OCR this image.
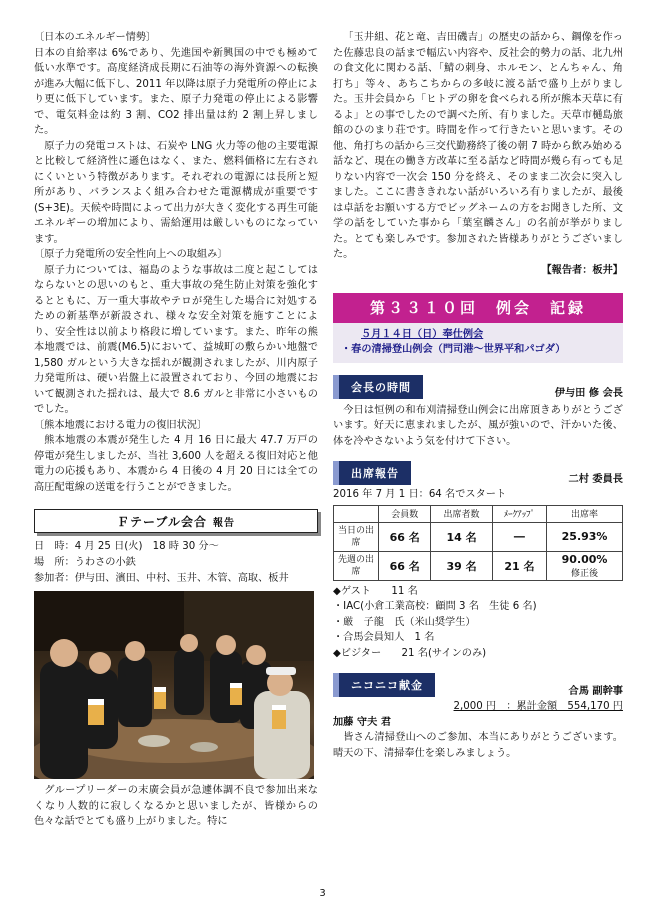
〔日本のエネルギー情勢〕

日本の自給率は 6%であり、先進国や新興国の中でも極めて低い水準です。高度経済成長期に石油等の海外資源への転換が進み大幅に低下し、2011 年以降は原子力発電所の停止により更に低下しています。また、原子力発電の停止による影響で、電気料金は約 3 割、CO2 排出量は約 2 割上昇しました。

原子力の発電コストは、石炭や LNG 火力等の他の主要電源と比較して経済性に遜色はなく、また、燃料価格に左右されにくいという特徴があります。それぞれの電源には長所と短所があり、バランスよく組み合わせた電源構成が重要です(S+3E)。天候や時間によって出力が大きく変化する再生可能エネルギーの増加により、需給運用は厳しいものになっています。

〔原子力発電所の安全性向上への取組み〕

原子力については、福島のような事故は二度と起こしてはならないとの思いのもと、重大事故の発生防止対策を強化するとともに、万一重大事故やテロが発生した場合に対処するための新基準が新設され、様々な安全対策を施すことにより、安全性は以前より格段に増しています。また、昨年の熊本地震では、前震(M6.5)において、益城町の敷らかい地盤で 1,580 ガルという大きな揺れが観測されましたが、川内原子力発電所は、硬い岩盤上に設置されており、今回の地震において観測された揺れは、最大で 8.6 ガルと非常に小さいものでした。

〔熊本地震における電力の復旧状況〕

熊本地震の本震が発生した 4 月 16 日に最大 47.7 万戸の停電が発生しましたが、当社 3,600 人を超える復旧対応と他電力の応援もあり、本震から 4 日後の 4 月 20 日には全ての高圧配電線の送電を行うことができました。

Ｆテーブル会合 報告
日　時：4 月 25 日(火)　18 時 30 分～
場　所：うわさの小鉄
参加者：伊与田、濱田、中村、玉井、木管、高取、板井

グループリーダーの末廣会員が急遽体調不良で参加出来なくなり人数的に寂しくなるかと思いましたが、皆様からの色々な話でとても盛り上がりました。特に

「玉井組、花と竜、吉田磯吉」の歴史の話から、鋼像を作った佐藤忠良の話まで幅広い内容や、反社会的勢力の話、北九州の食文化に関わる話、「鯖の刺身、ホルモン、とんちゃん、角打ち」等々、あちこちからの多岐に渡る話で盛り上がりました。玉井会員から「ヒトデの卵を食べられる所が熊本天草に有るよ」との事でしたので調べた所、有りました。天草市樋島旅館のひのまり荘です。時間を作って行きたいと思います。その他、角打ちの話から三交代勤務終了後の朝 7 時から飲み始める話など、現在の働き方改革に至る話など時間が幾ら有っても足りない内容で一次会 150 分を終え、そのまま二次会に突入しました。ここに書ききれない話がいろいろ有りましたが、最後は卓話をお願いする方でビッグネームの方をお聞きした所、文学の話をしていた事から「葉室麟さん」の名前が挙がりました。とても楽しみです。参加された皆様ありがとうございました。

【報告者：板井】
第３３１０回　例会　記録
５月１４日（日）奉仕例会
・春の清掃登山例会（門司港～世界平和パゴダ）
会長の時間	伊与田 修 会長

今日は恒例の和布刈清掃登山例会に出席頂きありがとうございます。好天に恵まれましたが、風が強いので、汗かいた後、体を冷やさないよう気を付けて下さい。

出席報告	二村 委員長
2016 年 7 月 1 日：64 名でスタート
	会員数	出席者数	ﾒｰｸｱｯﾌﾟ	出席率
当日の出席	66 名	14 名	―	25.93%
先週の出席	66 名	39 名	21 名	90.00%
修正後
◆ゲスト　　11 名
・IAC(小倉工業高校：顧問 3 名　生徒 6 名)
・厳　子龍　氏（米山奨学生）
・合馬会員知人　1 名
◆ビジター　　21 名(サインのみ)
ニコニコ献金	合馬 副幹事
2,000 円　：累計金額　554,170 円
加藤 守夫 君

皆さん清掃登山へのご参加、本当にありがとうございます。晴天の下、清掃奉仕を楽しみましょう。

3
